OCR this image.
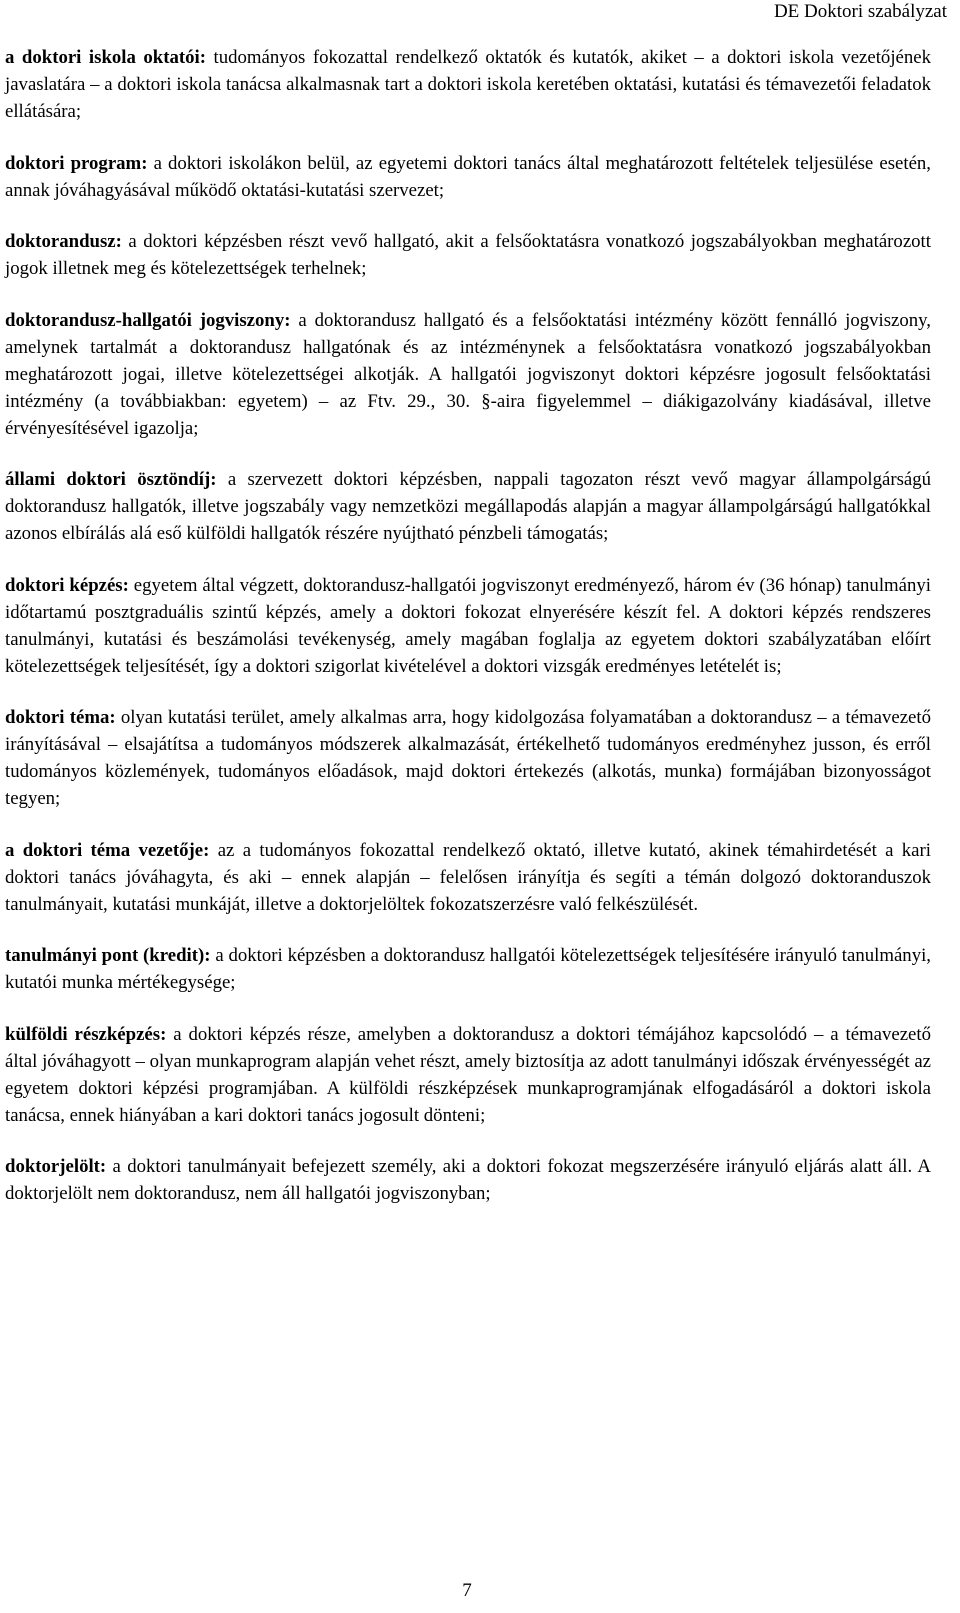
DE Doktori szabályzat

a doktori iskola oktatói: tudományos fokozattal rendelkező oktatók és kutatók, akiket – a doktori iskola vezetőjének javaslatára – a doktori iskola tanácsa alkalmasnak tart a doktori iskola keretében oktatási, kutatási és témavezetői feladatok ellátására;

doktori program: a doktori iskolákon belül, az egyetemi doktori tanács által meghatározott feltételek teljesülése esetén, annak jóváhagyásával működő oktatási-kutatási szervezet;

doktorandusz: a doktori képzésben részt vevő hallgató, akit a felsőoktatásra vonatkozó jogszabályokban meghatározott jogok illetnek meg és kötelezettségek terhelnek;

doktorandusz-hallgatói jogviszony: a doktorandusz hallgató és a felsőoktatási intézmény között fennálló jogviszony, amelynek tartalmát a doktorandusz hallgatónak és az intézménynek a felsőoktatásra vonatkozó jogszabályokban meghatározott jogai, illetve kötelezettségei alkotják. A hallgatói jogviszonyt doktori képzésre jogosult felsőoktatási intézmény (a továbbiakban: egyetem) – az Ftv. 29., 30. §-aira figyelemmel – diákigazolvány kiadásával, illetve érvényesítésével igazolja;

állami doktori ösztöndíj: a szervezett doktori képzésben, nappali tagozaton részt vevő magyar állampolgárságú doktorandusz hallgatók, illetve jogszabály vagy nemzetközi megállapodás alapján a magyar állampolgárságú hallgatókkal azonos elbírálás alá eső külföldi hallgatók részére nyújtható pénzbeli támogatás;

doktori képzés: egyetem által végzett, doktorandusz-hallgatói jogviszonyt eredményező, három év (36 hónap) tanulmányi időtartamú posztgraduális szintű képzés, amely a doktori fokozat elnyerésére készít fel. A doktori képzés rendszeres tanulmányi, kutatási és beszámolási tevékenység, amely magában foglalja az egyetem doktori szabályzatában előírt kötelezettségek teljesítését, így a doktori szigorlat kivételével a doktori vizsgák eredményes letételét is;

doktori téma: olyan kutatási terület, amely alkalmas arra, hogy kidolgozása folyamatában a doktorandusz – a témavezető irányításával – elsajátítsa a tudományos módszerek alkalmazását, értékelhető tudományos eredményhez jusson, és erről tudományos közlemények, tudományos előadások, majd doktori értekezés (alkotás, munka) formájában bizonyosságot tegyen;

a doktori téma vezetője: az a tudományos fokozattal rendelkező oktató, illetve kutató, akinek témahirdetését a kari doktori tanács jóváhagyta, és aki – ennek alapján – felelősen irányítja és segíti a témán dolgozó doktoranduszok tanulmányait, kutatási munkáját, illetve a doktorjelöltek fokozatszerzésre való felkészülését.

tanulmányi pont (kredit): a doktori képzésben a doktorandusz hallgatói kötelezettségek teljesítésére irányuló tanulmányi, kutatói munka mértékegysége;

külföldi részképzés: a doktori képzés része, amelyben a doktorandusz a doktori témájához kapcsolódó – a témavezető által jóváhagyott – olyan munkaprogram alapján vehet részt, amely biztosítja az adott tanulmányi időszak érvényességét az egyetem doktori képzési programjában. A külföldi részképzések munkaprogramjának elfogadásáról a doktori iskola tanácsa, ennek hiányában a kari doktori tanács jogosult dönteni;

doktorjelölt: a doktori tanulmányait befejezett személy, aki a doktori fokozat megszerzésére irányuló eljárás alatt áll. A doktorjelölt nem doktorandusz, nem áll hallgatói jogviszonyban;

7
